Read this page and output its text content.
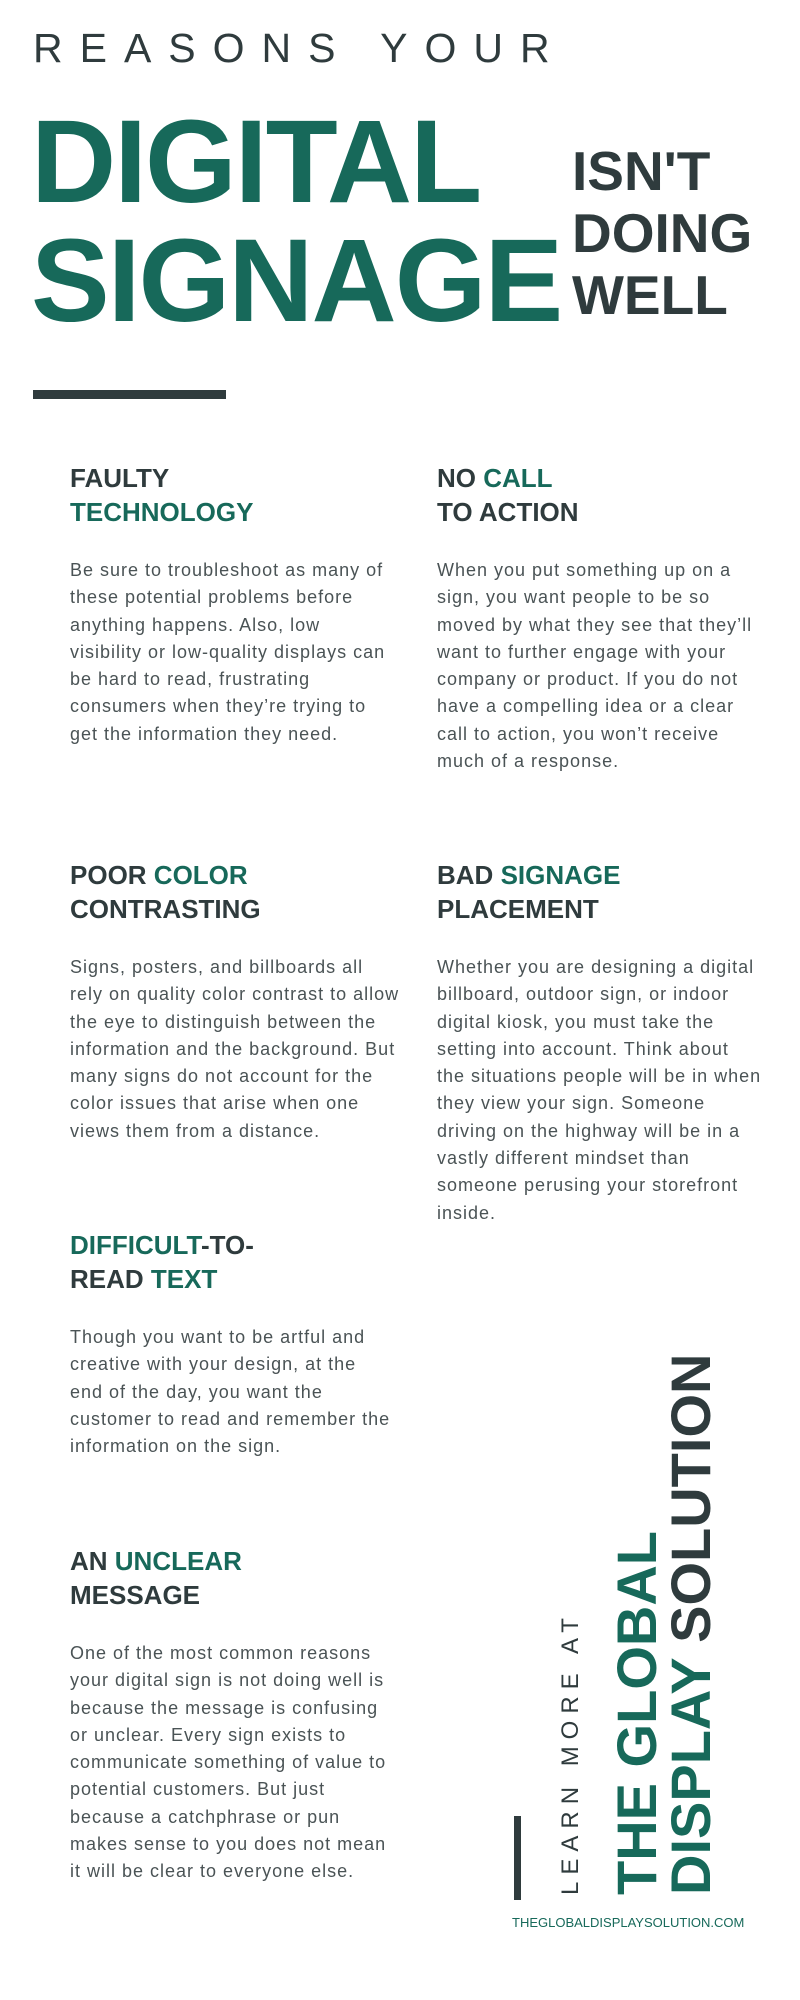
REASONS YOUR
DIGITAL
SIGNAGE
ISN'T
DOING
WELL
FAULTY
TECHNOLOGY

Be sure to troubleshoot as many of these potential problems before anything happens. Also, low visibility or low-quality displays can be hard to read, frustrating consumers when they’re trying to get the information they need.

NO CALL
TO ACTION

When you put something up on a sign, you want people to be so moved by what they see that they’ll want to further engage with your company or product. If you do not have a compelling idea or a clear call to action, you won’t receive much of a response.

POOR COLOR
CONTRASTING

Signs, posters, and billboards all rely on quality color contrast to allow the eye to distinguish between the information and the background. But many signs do not account for the color issues that arise when one views them from a distance.

BAD SIGNAGE
PLACEMENT

Whether you are designing a digital billboard, outdoor sign, or indoor digital kiosk, you must take the setting into account. Think about the situations people will be in when they view your sign. Someone driving on the highway will be in a vastly different mindset than someone perusing your storefront inside.

DIFFICULT-TO-
READ TEXT

Though you want to be artful and creative with your design, at the end of the day, you want the customer to read and remember the information on the sign.

AN UNCLEAR
MESSAGE

One of the most common reasons your digital sign is not doing well is because the message is confusing or unclear. Every sign exists to communicate something of value to potential customers. But just because a catchphrase or pun makes sense to you does not mean it will be clear to everyone else.	LEARN MORE AT THE GLOBAL
DISPLAY SOLUTION
THEGLOBALDISPLAYSOLUTION.COM
